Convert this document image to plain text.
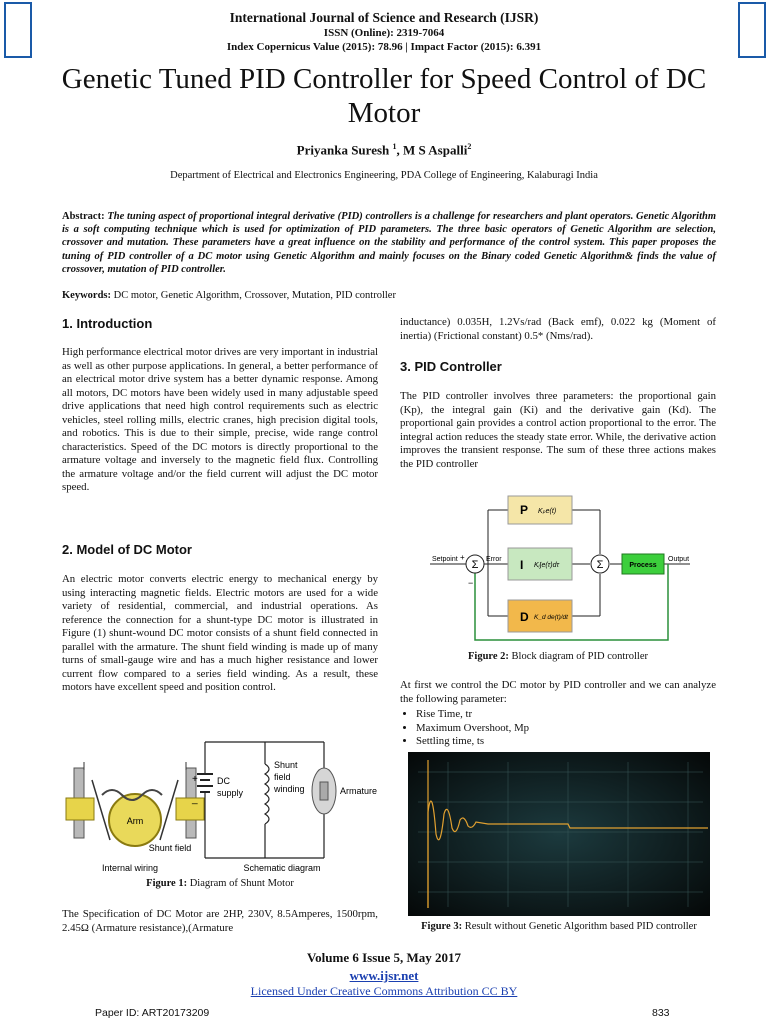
International Journal of Science and Research (IJSR)
ISSN (Online): 2319-7064
Index Copernicus Value (2015): 78.96 | Impact Factor (2015): 6.391
Genetic Tuned PID Controller for Speed Control of DC Motor
Priyanka Suresh $^1$, M S Aspalli$^2$
Department of Electrical and Electronics Engineering, PDA College of Engineering, Kalaburagi India
Abstract: The tuning aspect of proportional integral derivative (PID) controllers is a challenge for researchers and plant operators. Genetic Algorithm is a soft computing technique which is used for optimization of PID parameters. The three basic operators of Genetic Algorithm are selection, crossover and mutation. These parameters have a great influence on the stability and performance of the control system. This paper proposes the tuning of PID controller of a DC motor using Genetic Algorithm and mainly focuses on the Binary coded Genetic Algorithm& finds the value of crossover, mutation of PID controller.
Keywords: DC motor, Genetic Algorithm, Crossover, Mutation, PID controller
1. Introduction
High performance electrical motor drives are very important in industrial as well as other purpose applications. In general, a better performance of an electrical motor drive system has a better dynamic response. Among all motors, DC motors have been widely used in many adjustable speed drive applications that need high control requirements such as electric vehicles, steel rolling mills, electric cranes, high precision digital tools, and robotics. This is due to their simple, precise, wide range control characteristics. Speed of the DC motors is directly proportional to the armature voltage and inversely to the magnetic field flux. Controlling the armature voltage and/or the field current will adjust the DC motor speed.
2. Model of DC Motor
An electric motor converts electric energy to mechanical energy by using interacting magnetic fields. Electric motors are used for a wide variety of residential, commercial, and industrial operations. As reference the connection for a shunt-type DC motor is illustrated in Figure (1) shunt-wound DC motor consists of a shunt field connected in parallel with the armature. The shunt field winding is made up of many turns of small-gauge wire and has a much higher resistance and lower current flow compared to a series field winding. As a result, these motors have excellent speed and position control.
Arm
Shunt field
Internal wiring
+
_
DC
supply
Shunt
field
winding	Armature
Schematic diagram
Figure 1: Diagram of Shunt Motor
The Specification of DC Motor are 2HP, 230V, 8.5Amperes, 1500rpm, 2.45Ω (Armature resistance),(Armature
inductance) 0.035H, 1.2Vs/rad (Back emf), 0.022 kg (Moment of inertia) (Frictional constant) 0.5* (Nms/rad).
3. PID Controller
The PID controller involves three parameters: the proportional gain (Kp), the integral gain (Ki) and the derivative gain (Kd). The proportional gain provides a control action proportional to the error. The integral action reduces the steady state error. While, the derivative action improves the transient response. The sum of these three actions makes the PID controller
Σ	Σ
+
−
P
I
D
Kₚe(t)
Kᵢ∫e(τ)dτ
K_d de(t)/dt
Process
Setpoint	Error	Output
Figure 2: Block diagram of PID controller
At first we control the DC motor by PID controller and we can analyze the following parameter:
• Rise Time, tr
• Maximum Overshoot, Mp
• Settling time, ts
Figure 3: Result without Genetic Algorithm based PID controller
Volume 6 Issue 5, May 2017
www.ijsr.net
Licensed Under Creative Commons Attribution CC BY
Paper ID: ART20173209	833
